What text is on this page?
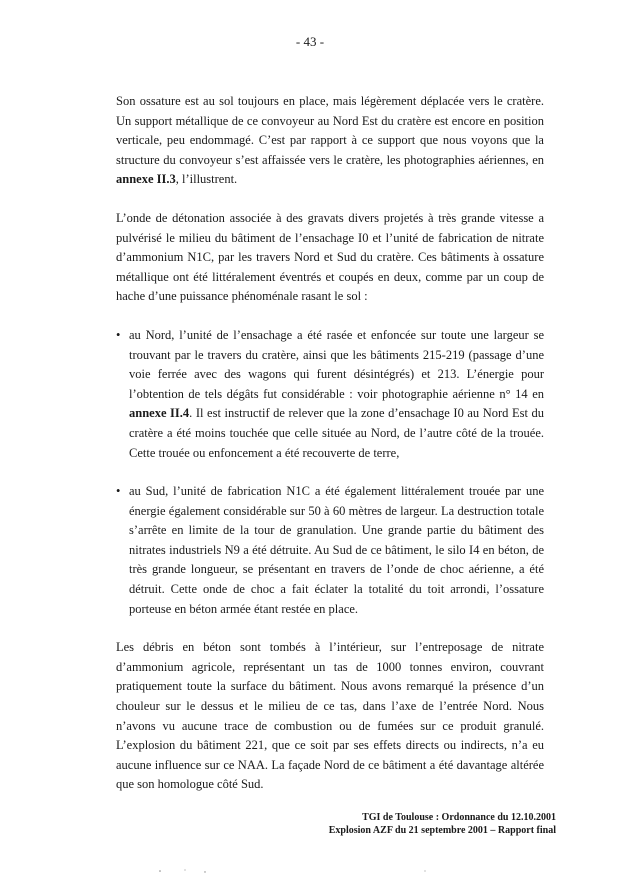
- 43 -

Son ossature est au sol toujours en place, mais légèrement déplacée vers le cratère. Un support métallique de ce convoyeur au Nord Est du cratère est encore en position verticale, peu endommagé. C’est par rapport à ce support que nous voyons que la structure du convoyeur s’est affaissée vers le cratère, les photographies aériennes, en annexe II.3, l’illustrent.

L’onde de détonation associée à des gravats divers projetés à très grande vitesse a pulvérisé le milieu du bâtiment de l’ensachage I0 et l’unité de fabrication de nitrate d’ammonium N1C, par les travers Nord et Sud du cratère. Ces bâtiments à ossature métallique ont été littéralement éventrés et coupés en deux, comme par un coup de hache d’une puissance phénoménale rasant le sol :

• au Nord, l’unité de l’ensachage a été rasée et enfoncée sur toute une largeur se trouvant par le travers du cratère, ainsi que les bâtiments 215-219 (passage d’une voie ferrée avec des wagons qui furent désintégrés) et 213. L’énergie pour l’obtention de tels dégâts fut considérable : voir photographie aérienne n° 14 en annexe II.4. Il est instructif de relever que la zone d’ensachage I0 au Nord Est du cratère a été moins touchée que celle située au Nord, de l’autre côté de la trouée. Cette trouée ou enfoncement a été recouverte de terre,
• au Sud, l’unité de fabrication N1C a été également littéralement trouée par une énergie également considérable sur 50 à 60 mètres de largeur. La destruction totale s’arrête en limite de la tour de granulation. Une grande partie du bâtiment des nitrates industriels N9 a été détruite. Au Sud de ce bâtiment, le silo I4 en béton, de très grande longueur, se présentant en travers de l’onde de choc aérienne, a été détruit. Cette onde de choc a fait éclater la totalité du toit arrondi, l’ossature porteuse en béton armée étant restée en place.

Les débris en béton sont tombés à l’intérieur, sur l’entreposage de nitrate d’ammonium agricole, représentant un tas de 1000 tonnes environ, couvrant pratiquement toute la surface du bâtiment. Nous avons remarqué la présence d’un chouleur sur le dessus et le milieu de ce tas, dans l’axe de l’entrée Nord. Nous n’avons vu aucune trace de combustion ou de fumées sur ce produit granulé. L’explosion du bâtiment 221, que ce soit par ses effets directs ou indirects, n’a eu aucune influence sur ce NAA. La façade Nord de ce bâtiment a été davantage altérée que son homologue côté Sud.

TGI de Toulouse : Ordonnance du 12.10.2001
Explosion AZF du 21 septembre 2001 – Rapport final
